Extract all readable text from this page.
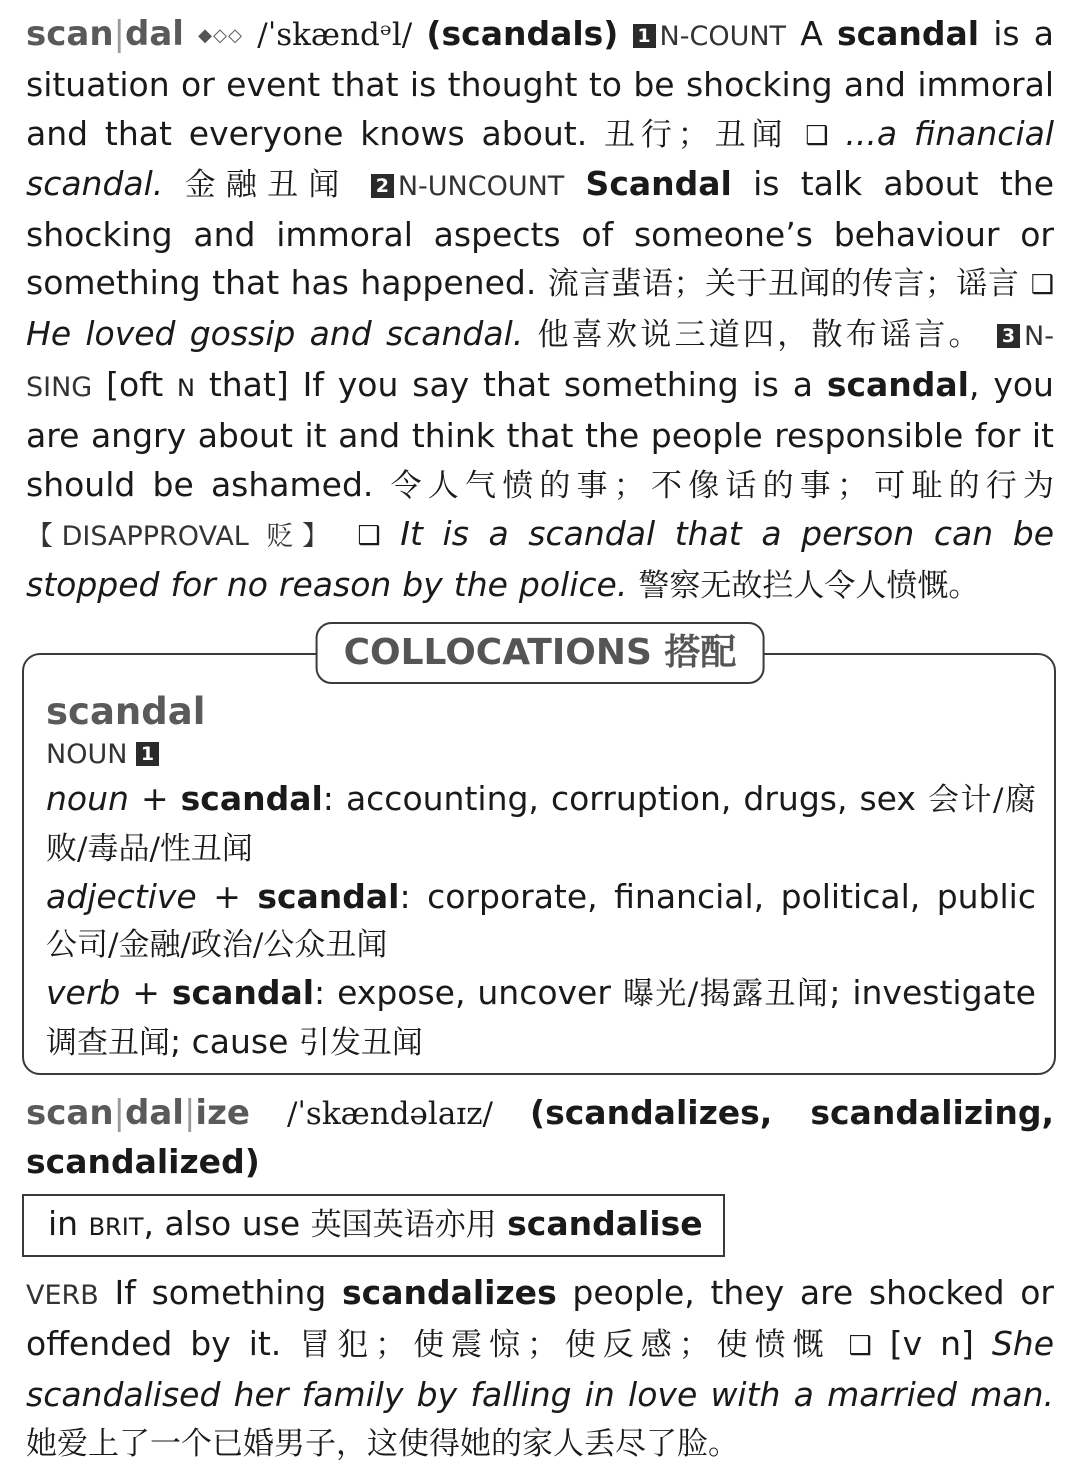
scan|dal ◆◇◇ /ˈskændᵊl/ (scandals) 1 N-COUNT A scandal is a situation or event that is thought to be shocking and immoral and that everyone knows about. 丑行；丑闻 ❑ ...a financial scandal. 金融丑闻 2 N-UNCOUNT Scandal is talk about the shocking and immoral aspects of someone’s behaviour or something that has happened. 流言蜚语；关于丑闻的传言；谣言 ❑ He loved gossip and scandal. 他喜欢说三道四，散布谣言。 3 N-SING [oft N that] If you say that something is a scandal, you are angry about it and think that the people responsible for it should be ashamed. 令人气愤的事；不像话的事；可耻的行为 【DISAPPROVAL 贬】 ❑ It is a scandal that a person can be stopped for no reason by the police. 警察无故拦人令人愤慨。

COLLOCATIONS 搭配
scandal
NOUN 1

noun + scandal: accounting, corruption, drugs, sex 会计/腐败/毒品/性丑闻

adjective + scandal: corporate, financial, political, public 公司/金融/政治/公众丑闻

verb + scandal: expose, uncover 曝光/揭露丑闻; investigate 调查丑闻; cause 引发丑闻

scan|dal|ize /ˈskændəlaɪz/ (scandalizes, scandalizing, scandalized)

in BRIT, also use 英国英语亦用 scandalise

VERB If something scandalizes people, they are shocked or offended by it. 冒犯；使震惊；使反感；使愤慨 ❑ [v n] She scandalised her family by falling in love with a married man. 她爱上了一个已婚男子，这使得她的家人丢尽了脸。
